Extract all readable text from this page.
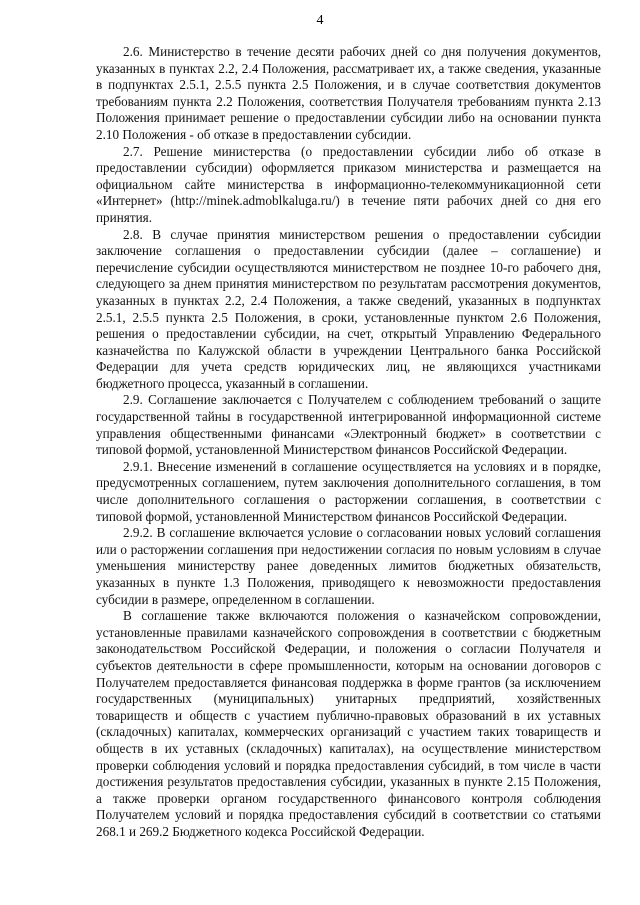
4

2.6. Министерство в течение десяти рабочих дней со дня получения документов, указанных в пунктах 2.2, 2.4 Положения, рассматривает их, а также сведения, указанные в подпунктах 2.5.1, 2.5.5 пункта 2.5 Положения, и в случае соответствия документов требованиям пункта 2.2 Положения, соответствия Получателя требованиям пункта 2.13 Положения принимает решение о предоставлении субсидии либо на основании пункта 2.10 Положения - об отказе в предоставлении субсидии.

2.7. Решение министерства (о предоставлении субсидии либо об отказе в предоставлении субсидии) оформляется приказом министерства и размещается на официальном сайте министерства в информационно-телекоммуникационной сети «Интернет» (http://minek.admoblkaluga.ru/) в течение пяти рабочих дней со дня его принятия.

2.8. В случае принятия министерством решения о предоставлении субсидии заключение соглашения о предоставлении субсидии (далее – соглашение) и перечисление субсидии осуществляются министерством не позднее 10-го рабочего дня, следующего за днем принятия министерством по результатам рассмотрения документов, указанных в пунктах 2.2, 2.4 Положения, а также сведений, указанных в подпунктах 2.5.1, 2.5.5 пункта 2.5 Положения, в сроки, установленные пунктом 2.6 Положения, решения о предоставлении субсидии, на счет, открытый Управлению Федерального казначейства по Калужской области в учреждении Центрального банка Российской Федерации для учета средств юридических лиц, не являющихся участниками бюджетного процесса, указанный в соглашении.

2.9. Соглашение заключается с Получателем с соблюдением требований о защите государственной тайны в государственной интегрированной информационной системе управления общественными финансами «Электронный бюджет» в соответствии с типовой формой, установленной Министерством финансов Российской Федерации.

2.9.1. Внесение изменений в соглашение осуществляется на условиях и в порядке, предусмотренных соглашением, путем заключения дополнительного соглашения, в том числе дополнительного соглашения о расторжении соглашения, в соответствии с типовой формой, установленной Министерством финансов Российской Федерации.

2.9.2. В соглашение включается условие о согласовании новых условий соглашения или о расторжении соглашения при недостижении согласия по новым условиям в случае уменьшения министерству ранее доведенных лимитов бюджетных обязательств, указанных в пункте 1.3 Положения, приводящего к невозможности предоставления субсидии в размере, определенном в соглашении.

В соглашение также включаются положения о казначейском сопровождении, установленные правилами казначейского сопровождения в соответствии с бюджетным законодательством Российской Федерации, и положения о согласии Получателя и субъектов деятельности в сфере промышленности, которым на основании договоров с Получателем предоставляется финансовая поддержка в форме грантов (за исключением государственных (муниципальных) унитарных предприятий, хозяйственных товариществ и обществ с участием публично-правовых образований в их уставных (складочных) капиталах, коммерческих организаций с участием таких товариществ и обществ в их уставных (складочных) капиталах), на осуществление министерством проверки соблюдения условий и порядка предоставления субсидий, в том числе в части достижения результатов предоставления субсидии, указанных в пункте 2.15 Положения, а также проверки органом государственного финансового контроля соблюдения Получателем условий и порядка предоставления субсидий в соответствии со статьями 268.1 и 269.2 Бюджетного кодекса Российской Федерации.
